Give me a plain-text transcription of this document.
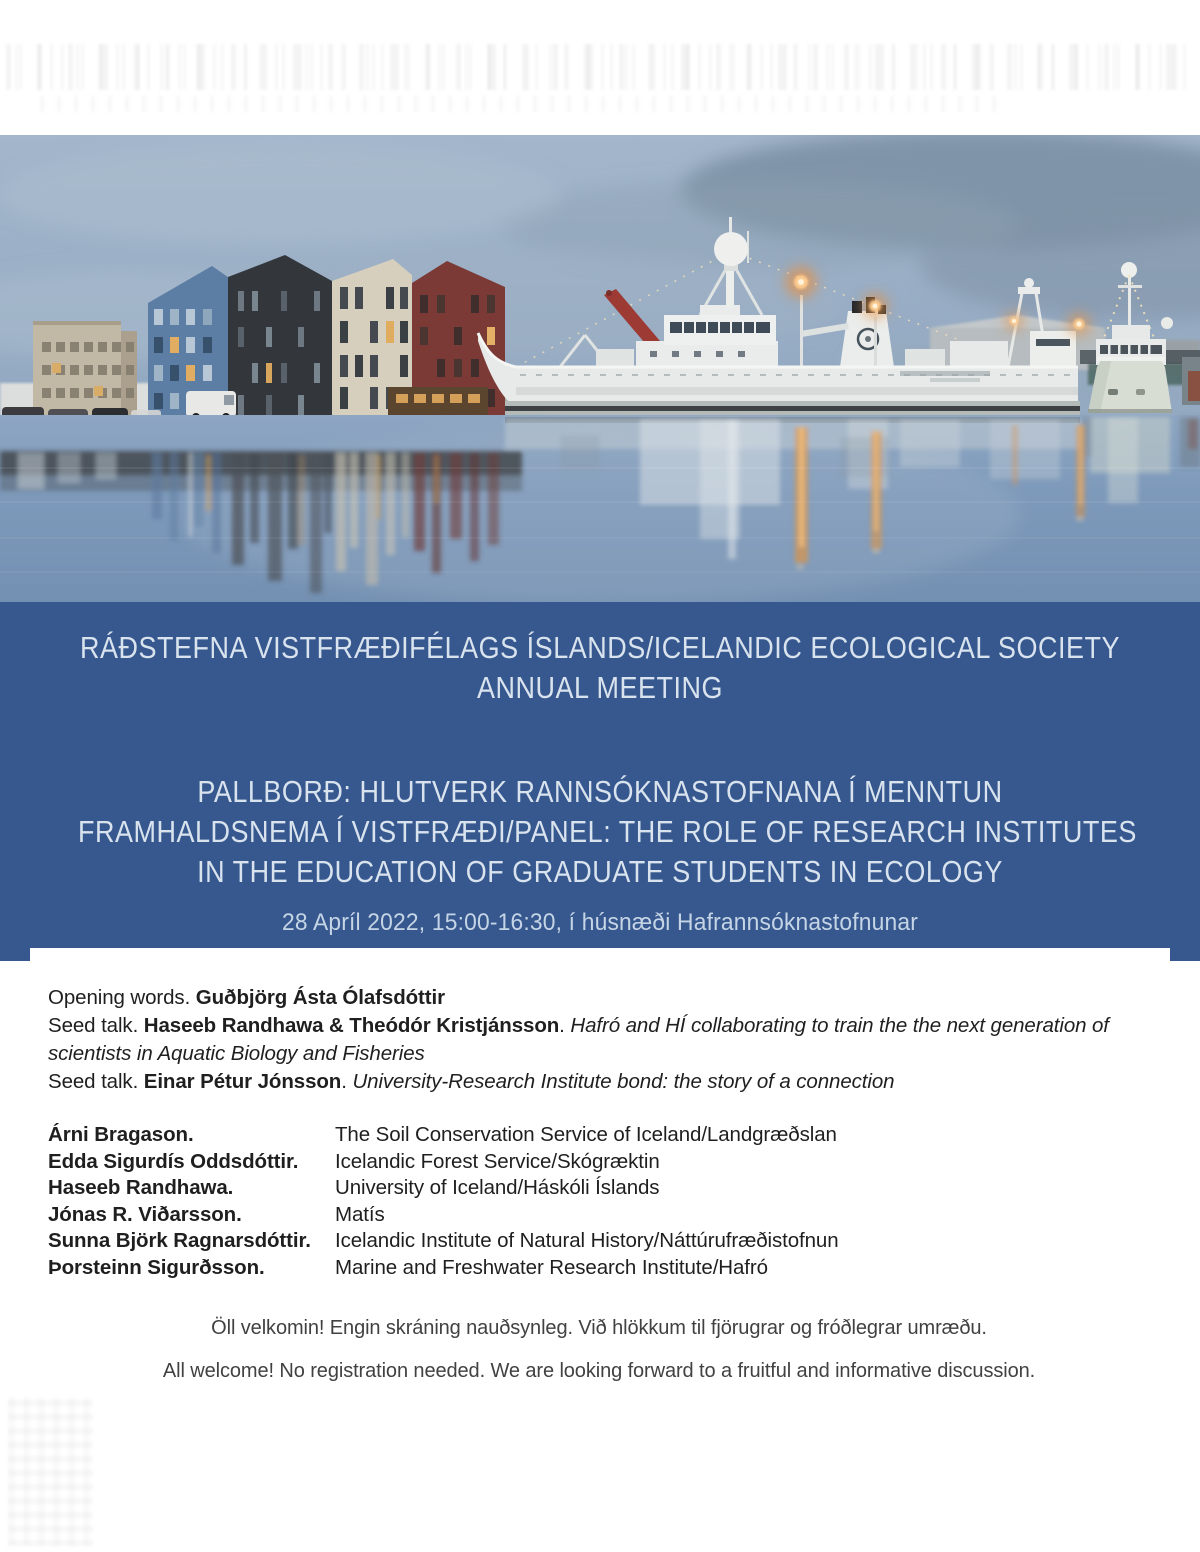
RÁÐSTEFNA VISTFRÆÐIFÉLAGS ÍSLANDS/ICELANDIC ECOLOGICAL SOCIETY
ANNUAL MEETING
PALLBORÐ: HLUTVERK RANNSÓKNASTOFNANA Í MENNTUN
FRAMHALDSNEMA Í VISTFRÆÐI/PANEL: THE ROLE OF RESEARCH INSTITUTES
IN THE EDUCATION OF GRADUATE STUDENTS IN ECOLOGY
28 Apríl 2022, 15:00-16:30, í húsnæði Hafrannsóknastofnunar

Opening words. Guðbjörg Ásta Ólafsdóttir

Seed talk. Haseeb Randhawa & Theódór Kristjánsson. Hafró and HÍ collaborating to train the the next generation of
scientists in Aquatic Biology and Fisheries

Seed talk. Einar Pétur Jónsson. University-Research Institute bond: the story of a connection

Árni Bragason.	The Soil Conservation Service of Iceland/Landgræðslan
Edda Sigurdís Oddsdóttir.	Icelandic Forest Service/Skógræktin
Haseeb Randhawa.	University of Iceland/Háskóli Íslands
Jónas R. Viðarsson.	Matís
Sunna Björk Ragnarsdóttir.	Icelandic Institute of Natural History/Náttúrufræðistofnun
Þorsteinn Sigurðsson.	Marine and Freshwater Research Institute/Hafró

Öll velkomin! Engin skráning nauðsynleg. Við hlökkum til fjörugrar og fróðlegrar umræðu.

All welcome! No registration needed. We are looking forward to a fruitful and informative discussion.
